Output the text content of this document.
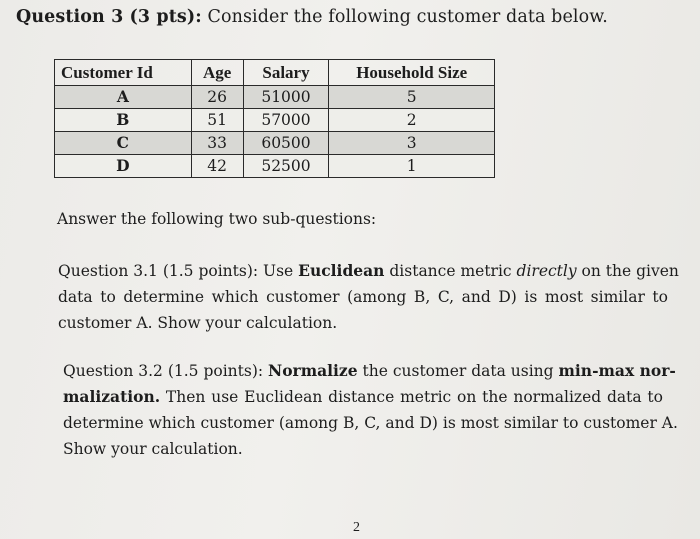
Question 3 (3 pts): Consider the following customer data below.
Customer Id	Age	Salary	Household Size
A	26	51000	5
B	51	57000	2
C	33	60500	3
D	42	52500	1
Answer the following two sub-questions:
Question 3.1 (1.5 points): Use Euclidean distance metric directly on the given
data to determine which customer (among B, C, and D) is most similar to
customer A. Show your calculation.
Question 3.2 (1.5 points): Normalize the customer data using min-max nor-
malization. Then use Euclidean distance metric on the normalized data to
determine which customer (among B, C, and D) is most similar to customer A.
Show your calculation.
2
